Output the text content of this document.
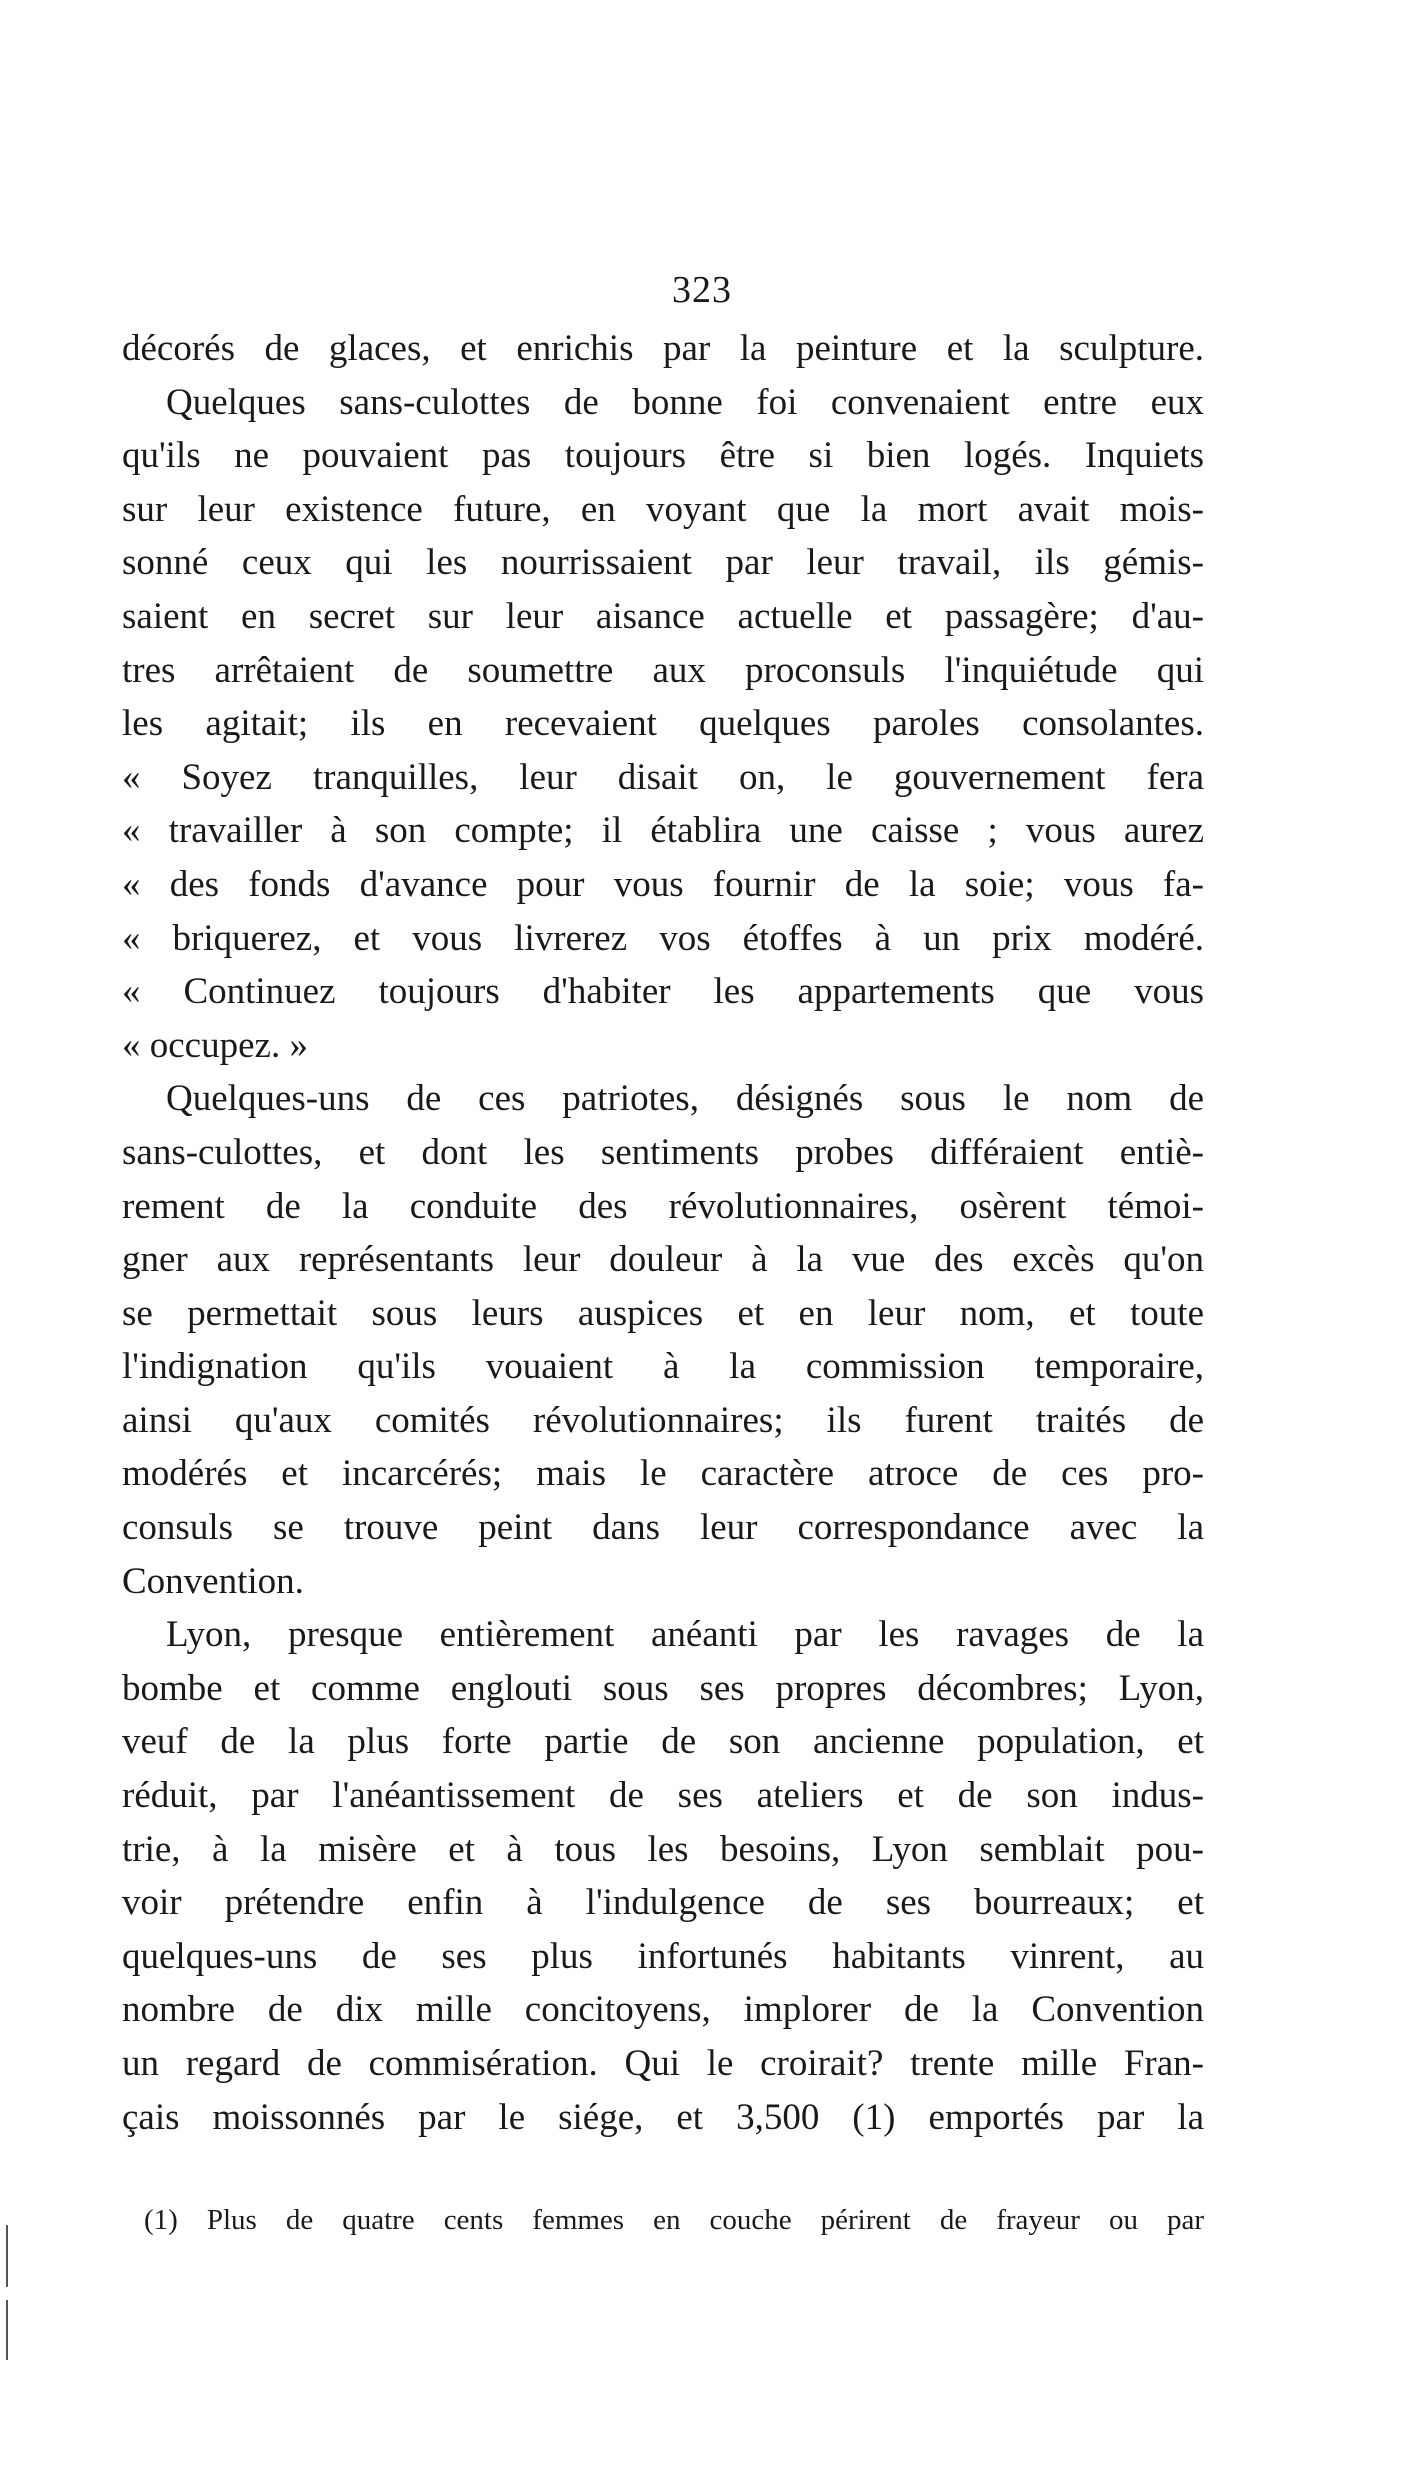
323
décorés de glaces, et enrichis par la peinture et la sculpture.
Quelques sans-culottes de bonne foi convenaient entre eux
qu'ils ne pouvaient pas toujours être si bien logés. Inquiets
sur leur existence future, en voyant que la mort avait mois-
sonné ceux qui les nourrissaient par leur travail, ils gémis-
saient en secret sur leur aisance actuelle et passagère; d'au-
tres arrêtaient de soumettre aux proconsuls l'inquiétude qui
les agitait; ils en recevaient quelques paroles consolantes.
« Soyez tranquilles, leur disait on, le gouvernement fera
« travailler à son compte; il établira une caisse ; vous aurez
« des fonds d'avance pour vous fournir de la soie; vous fa-
« briquerez, et vous livrerez vos étoffes à un prix modéré.
« Continuez toujours d'habiter les appartements que vous
« occupez. »
Quelques-uns de ces patriotes, désignés sous le nom de
sans-culottes, et dont les sentiments probes différaient entiè-
rement de la conduite des révolutionnaires, osèrent témoi-
gner aux représentants leur douleur à la vue des excès qu'on
se permettait sous leurs auspices et en leur nom, et toute
l'indignation qu'ils vouaient à la commission temporaire,
ainsi qu'aux comités révolutionnaires; ils furent traités de
modérés et incarcérés; mais le caractère atroce de ces pro-
consuls se trouve peint dans leur correspondance avec la
Convention.
Lyon, presque entièrement anéanti par les ravages de la
bombe et comme englouti sous ses propres décombres; Lyon,
veuf de la plus forte partie de son ancienne population, et
réduit, par l'anéantissement de ses ateliers et de son indus-
trie, à la misère et à tous les besoins, Lyon semblait pou-
voir prétendre enfin à l'indulgence de ses bourreaux; et
quelques-uns de ses plus infortunés habitants vinrent, au
nombre de dix mille concitoyens, implorer de la Convention
un regard de commisération. Qui le croirait? trente mille Fran-
çais moissonnés par le siége, et 3,500 (1) emportés par la
(1) Plus de quatre cents femmes en couche périrent de frayeur ou par
